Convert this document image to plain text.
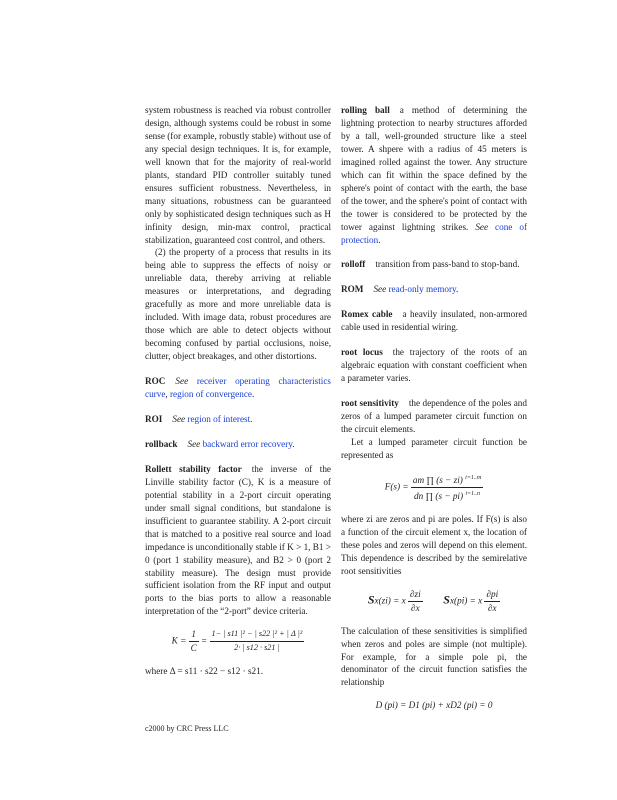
system robustness is reached via robust controller design, although systems could be robust in some sense (for example, robustly stable) without use of any special design techniques. It is, for example, well known that for the majority of real-world plants, standard PID controller suitably tuned ensures sufficient robustness. Nevertheless, in many situations, robustness can be guaranteed only by sophisticated design techniques such as H infinity design, min-max control, practical stabilization, guaranteed cost control, and others.

(2) the property of a process that results in its being able to suppress the effects of noisy or unreliable data, thereby arriving at reliable measures or interpretations, and degrading gracefully as more and more unreliable data is included. With image data, robust procedures are those which are able to detect objects without becoming confused by partial occlusions, noise, clutter, object breakages, and other distortions.

ROC See receiver operating characteristics curve, region of convergence.

ROI See region of interest.

rollback See backward error recovery.

Rollett stability factor the inverse of the Linville stability factor (C), K is a measure of potential stability in a 2-port circuit operating under small signal conditions, but standalone is insufficient to guarantee stability. A 2-port circuit that is matched to a positive real source and load impedance is unconditionally stable if K > 1, B1 > 0 (port 1 stability measure), and B2 > 0 (port 2 stability measure). The design must provide sufficient isolation from the RF input and output ports to the bias ports to allow a reasonable interpretation of the “2-port” device criteria.

$K = \frac{1}{C} = \frac{\text{1− | s11 |² − | s22 |² + | Δ |²}}{2\cdot | s12 \cdot s21 |}$

where Δ = s11 · s22 − s12 · s21.

rolling ball a method of determining the lightning protection to nearby structures afforded by a tall, well-grounded structure like a steel tower. A shpere with a radius of 45 meters is imagined rolled against the tower. Any structure which can fit within the space defined by the sphere's point of contact with the earth, the base of the tower, and the sphere's point of contact with the tower is considered to be protected by the tower against lightning strikes. See cone of protection.

rolloff transition from pass-band to stop-band.

ROM See read-only memory.

Romex cable a heavily insulated, non-armored cable used in residential wiring.

root locus the trajectory of the roots of an algebraic equation with constant coefficient when a parameter varies.

root sensitivity the dependence of the poles and zeros of a lumped parameter circuit function on the circuit elements.

Let a lumped parameter circuit function be represented as

$F(s) = \frac{am \prod (s - zi) ^{i=1..m}}{dn \prod (s - pi) ^{i=1..n}}$

where zi are zeros and pi are poles. If F(s) is also a function of the circuit element x, the location of these poles and zeros will depend on this element. This dependence is described by the semirelative root sensitivities

Sx(zi) = x $\frac{\partial zi}{\partial x} Sx(pi) = x \frac{\partial pi}{\partial x}$

The calculation of these sensitivities is simplified when zeros and poles are simple (not multiple). For example, for a simple pole pi, the denominator of the circuit function satisfies the relationship

D (pi) = D1 (pi) + xD2 (pi) = 0
c2000 by CRC Press LLC
